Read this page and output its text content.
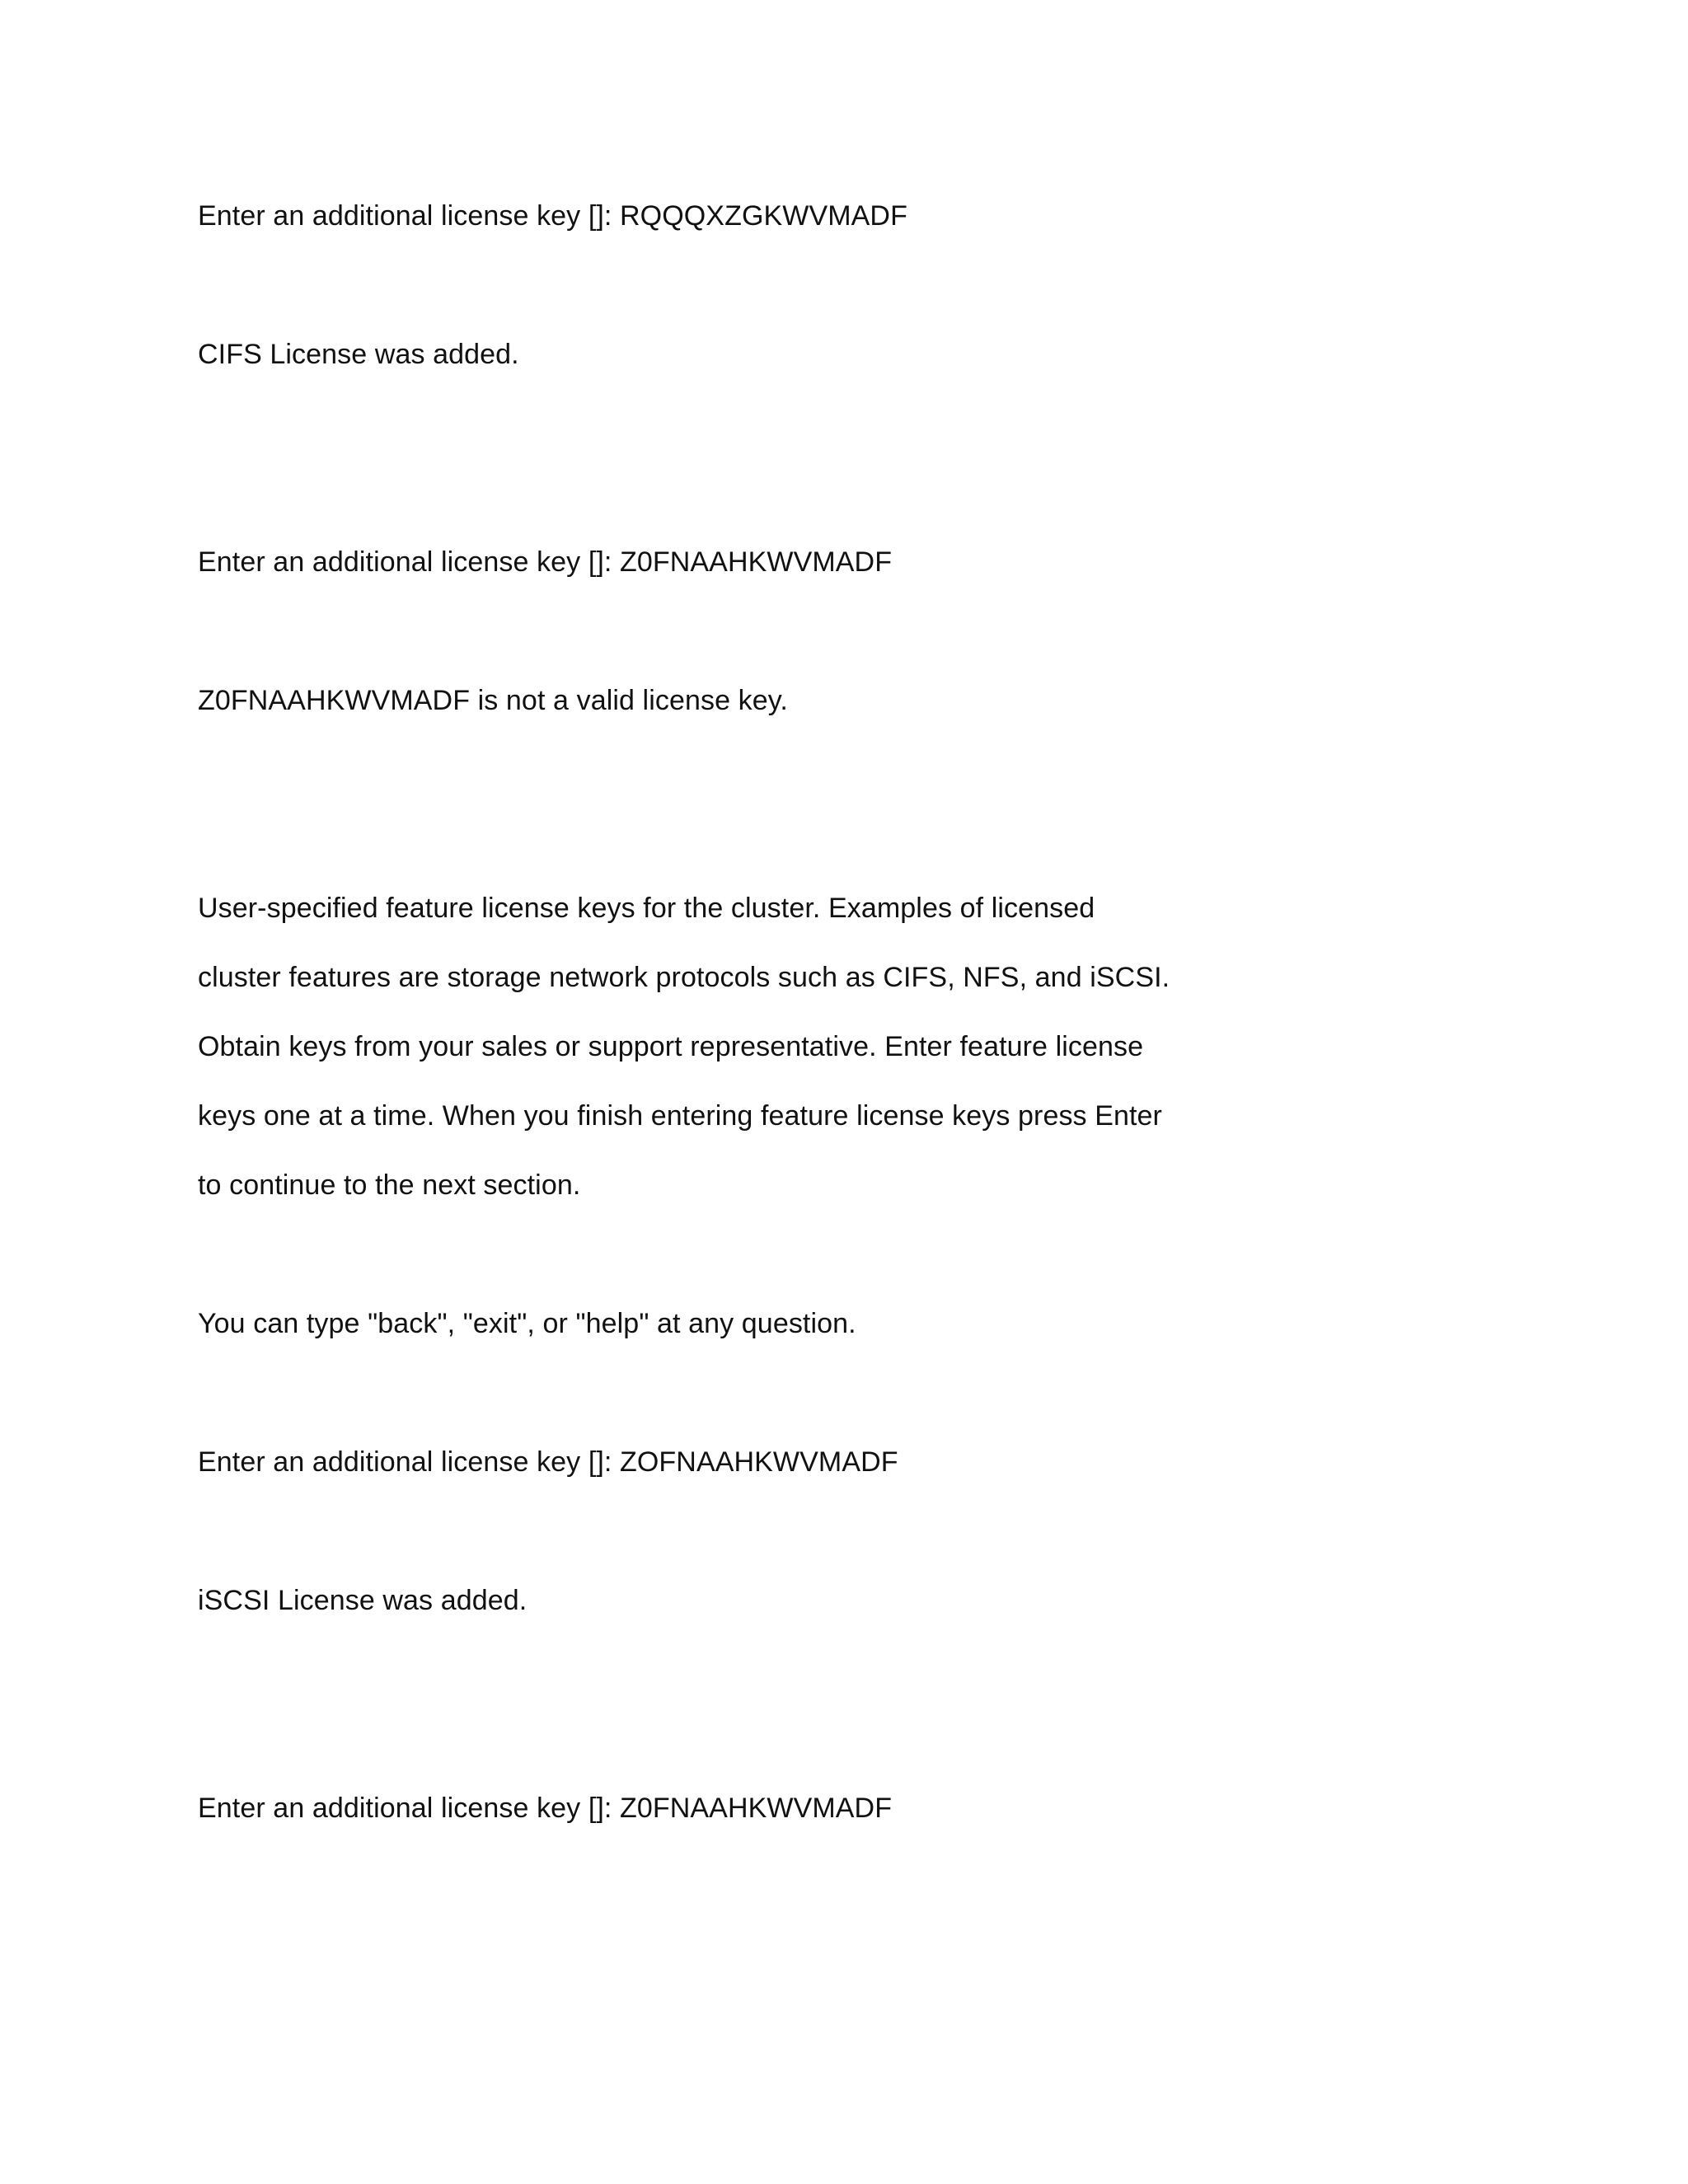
Enter an additional license key []: RQQQXZGKWVMADF

CIFS License was added.

Enter an additional license key []: Z0FNAAHKWVMADF

Z0FNAAHKWVMADF is not a valid license key.

User-specified feature license keys for the cluster. Examples of licensed

cluster features are storage network protocols such as CIFS, NFS, and iSCSI.

Obtain keys from your sales or support representative. Enter feature license

keys one at a time. When you finish entering feature license keys press Enter

to continue to the next section.

You can type "back", "exit", or "help" at any question.

Enter an additional license key []: ZOFNAAHKWVMADF

iSCSI License was added.

Enter an additional license key []: Z0FNAAHKWVMADF
